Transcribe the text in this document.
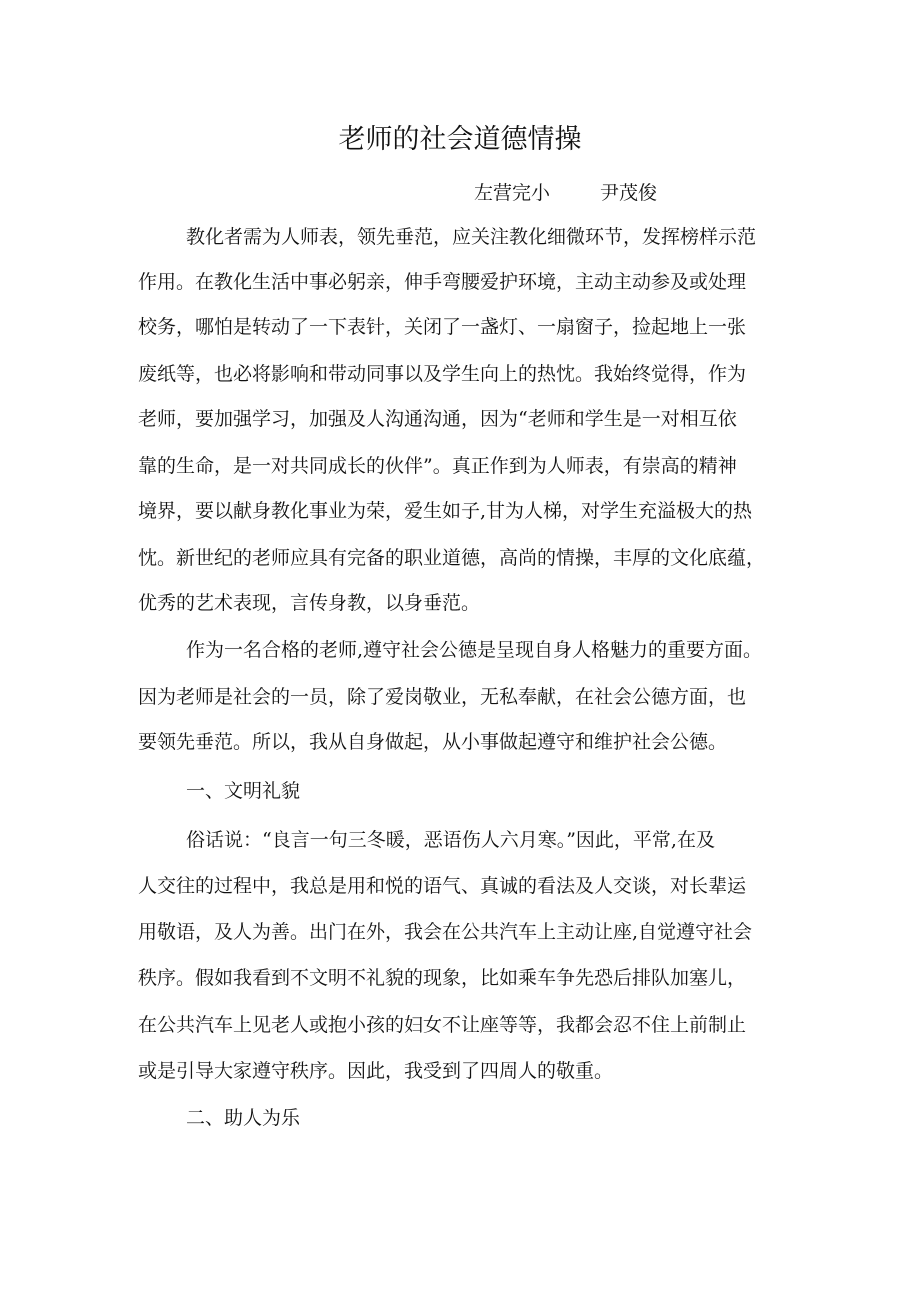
老师的社会道德情操
左营完小	尹茂俊
教化者需为人师表，领先垂范，应关注教化细微环节，发挥榜样示范
作用。在教化生活中事必躬亲，伸手弯腰爱护环境，主动主动参及或处理
校务，哪怕是转动了一下表针，关闭了一盏灯、一扇窗子，捡起地上一张
废纸等，也必将影响和带动同事以及学生向上的热忱。我始终觉得，作为
老师，要加强学习，加强及人沟通沟通，因为“老师和学生是一对相互依
靠的生命，是一对共同成长的伙伴”。真正作到为人师表，有崇高的精神
境界，要以献身教化事业为荣，爱生如子,甘为人梯，对学生充溢极大的热
忱。新世纪的老师应具有完备的职业道德，高尚的情操，丰厚的文化底蕴，
优秀的艺术表现，言传身教，以身垂范。
作为一名合格的老师,遵守社会公德是呈现自身人格魅力的重要方面。
因为老师是社会的一员，除了爱岗敬业，无私奉献，在社会公德方面，也
要领先垂范。所以，我从自身做起，从小事做起遵守和维护社会公德。
一、文明礼貌
俗话说：“良言一句三冬暖，恶语伤人六月寒。”因此，平常,在及
人交往的过程中，我总是用和悦的语气、真诚的看法及人交谈，对长辈运
用敬语，及人为善。出门在外，我会在公共汽车上主动让座,自觉遵守社会
秩序。假如我看到不文明不礼貌的现象，比如乘车争先恐后排队加塞儿，
在公共汽车上见老人或抱小孩的妇女不让座等等，我都会忍不住上前制止
或是引导大家遵守秩序。因此，我受到了四周人的敬重。
二、助人为乐
